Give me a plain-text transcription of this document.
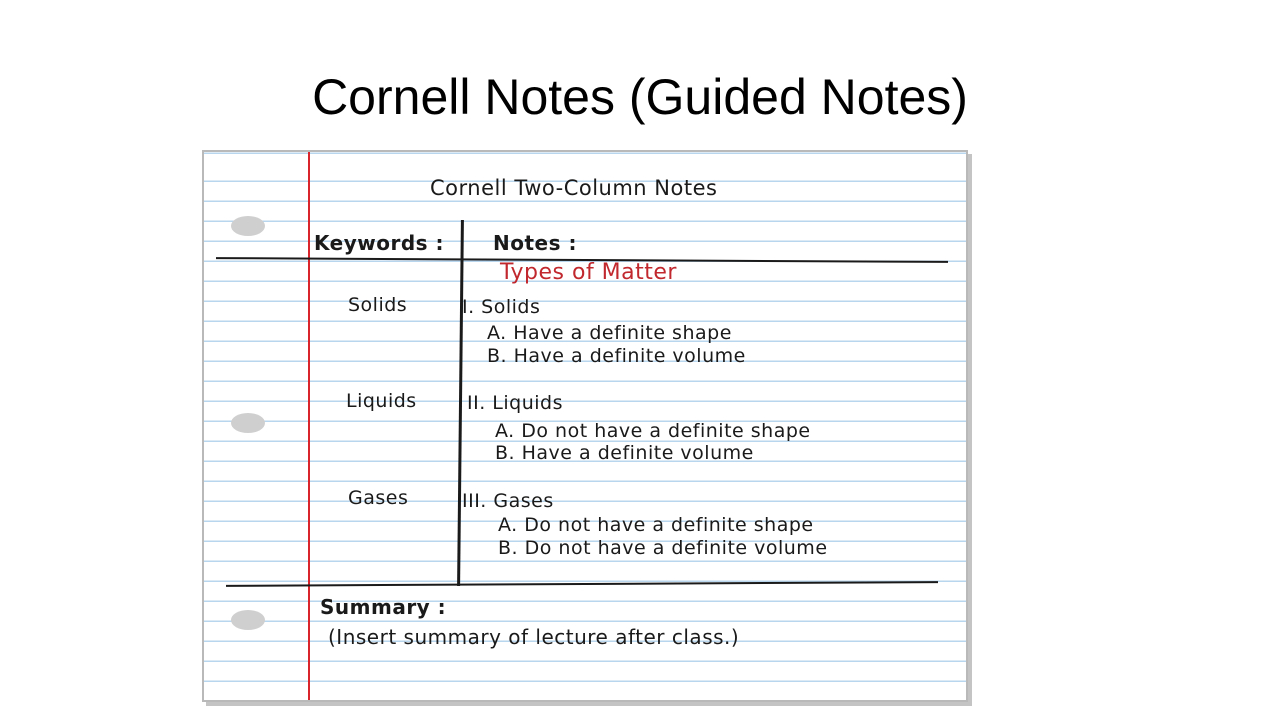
Cornell Notes (Guided Notes)
Cornell Two-Column Notes
Keywords : Notes :
Types of Matter
Solids
Liquids
Gases
I. Solids
A. Have a definite shape
B. Have a definite volume
II. Liquids
A. Do not have a definite shape
B. Have a definite volume
III. Gases
A. Do not have a definite shape
B. Do not have a definite volume
Summary :
(Insert summary of lecture after class.)
